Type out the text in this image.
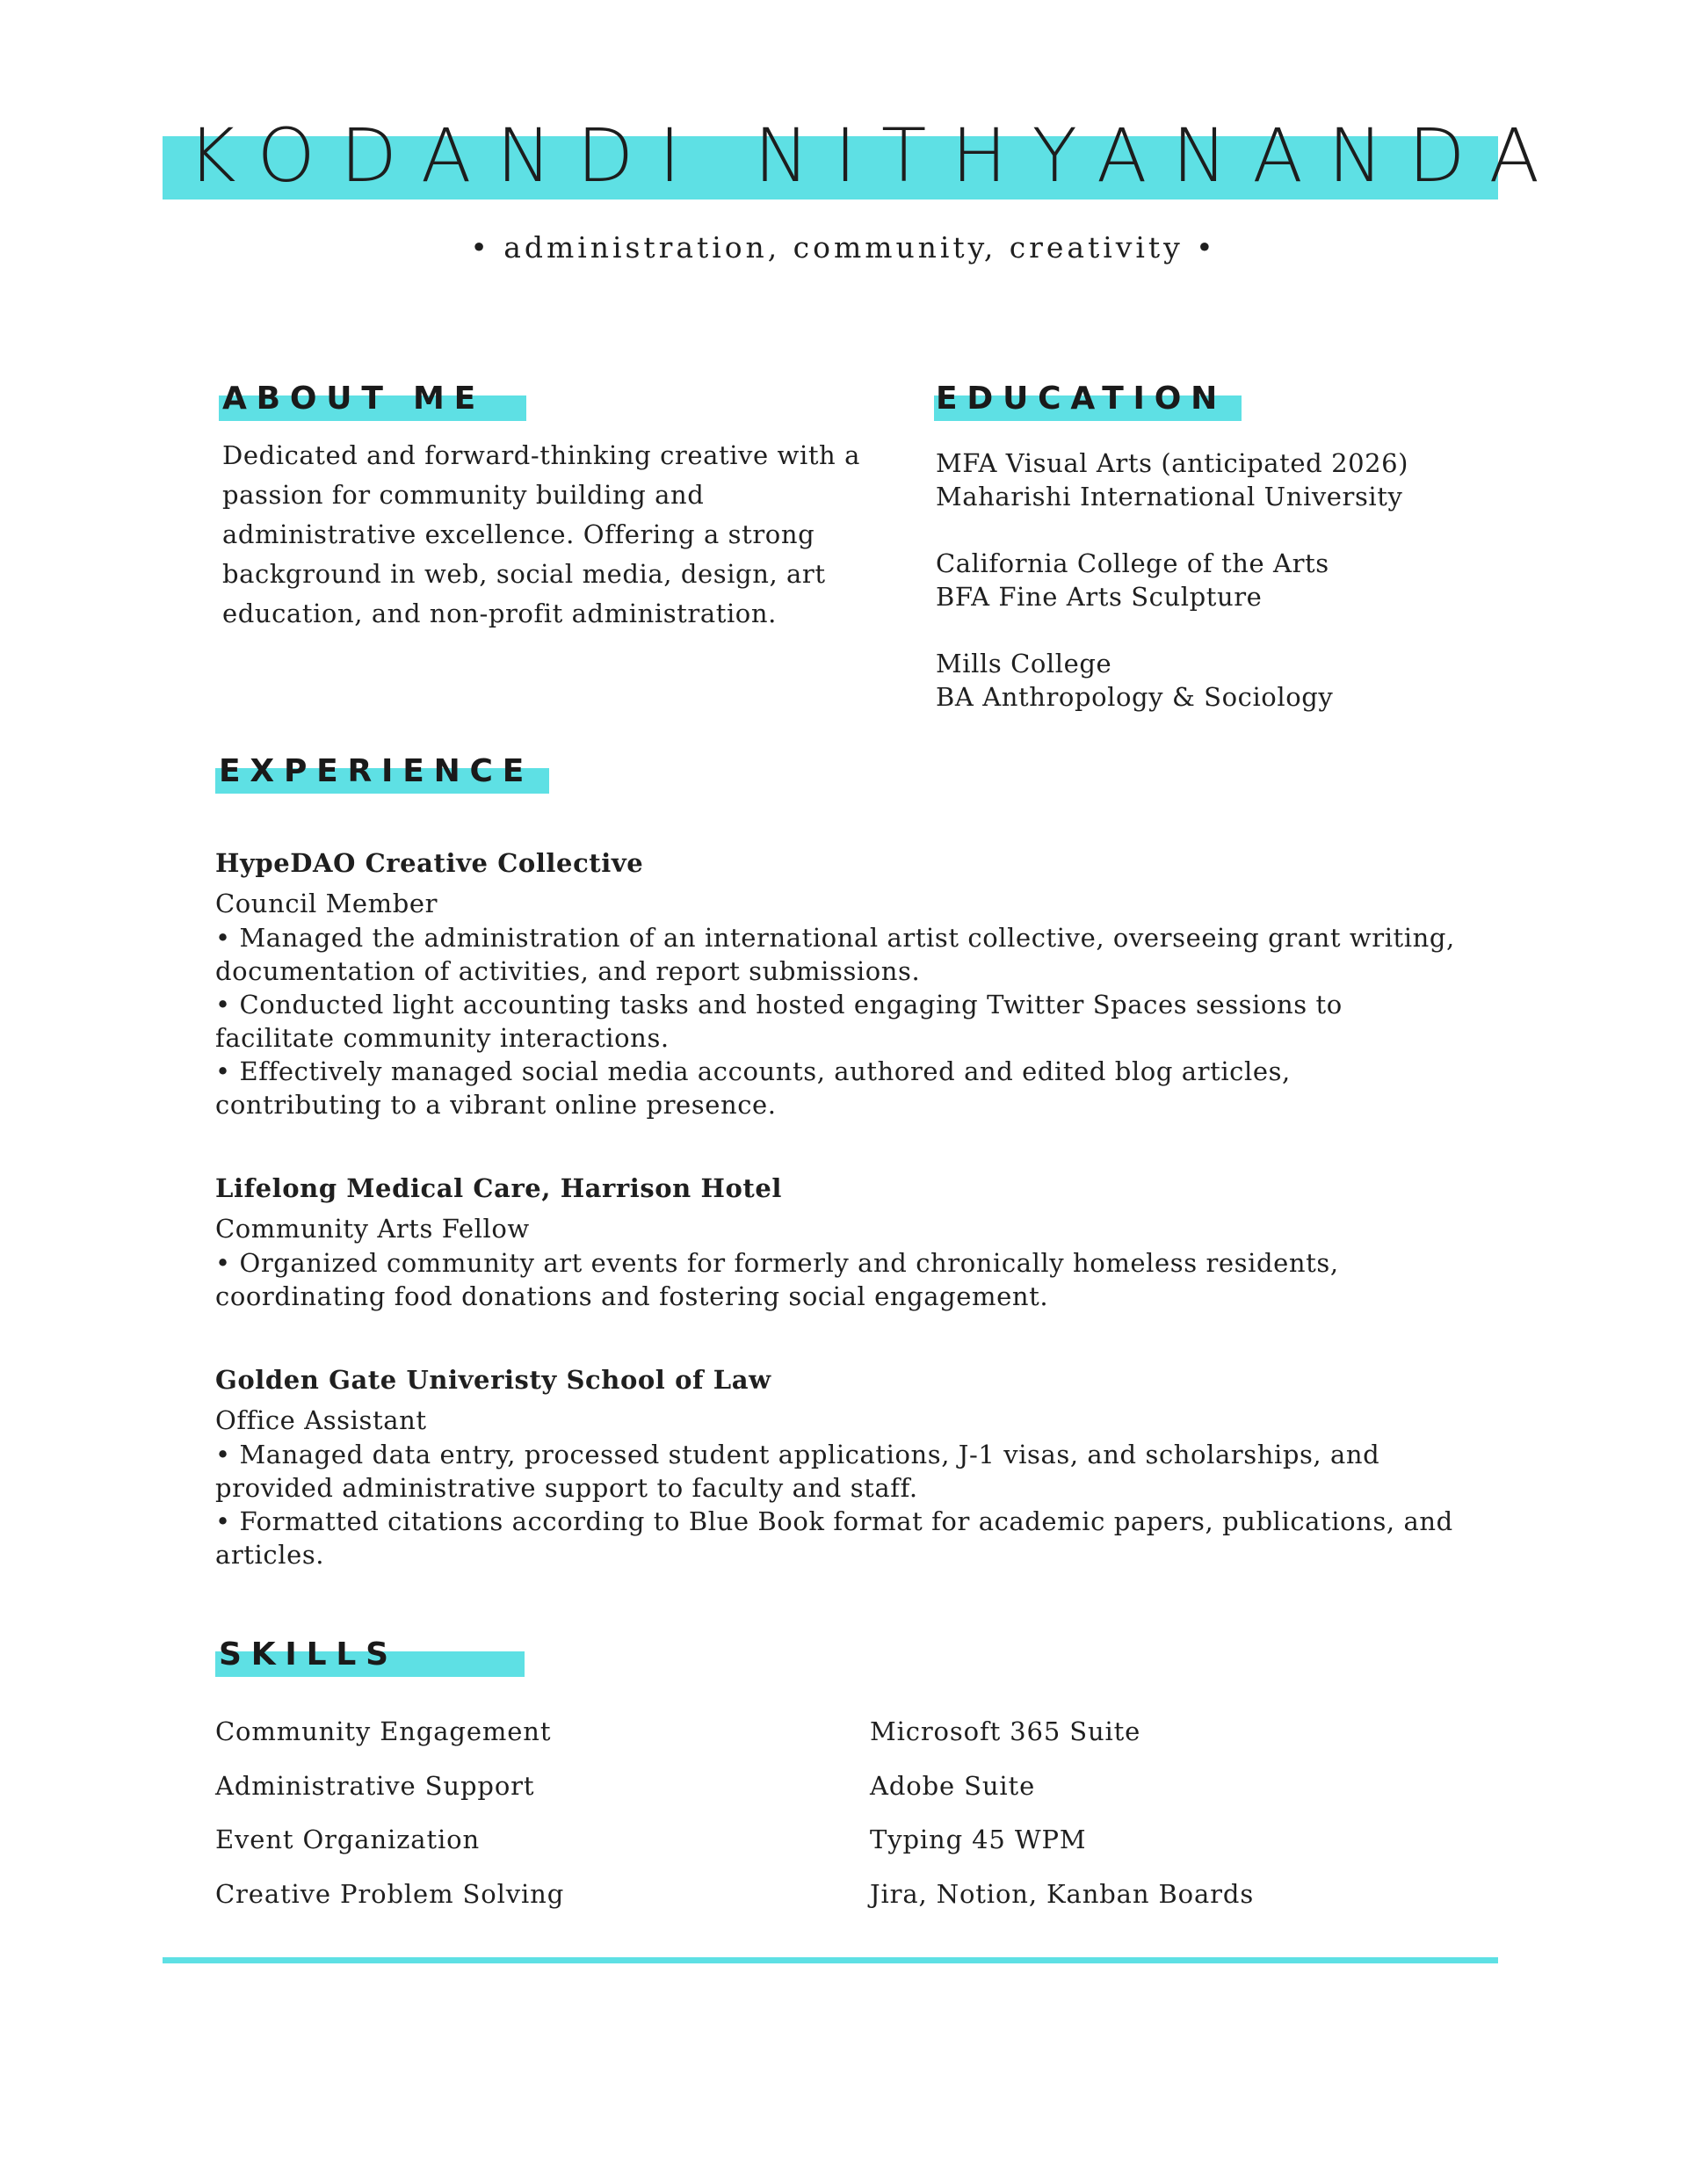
KODANDI NITHYANANDA
• administration, community, creativity •
ABOUT ME
Dedicated and forward-thinking creative with a passion for community building and administrative excellence. Offering a strong background in web, social media, design, art education, and non-profit administration.
EDUCATION
MFA Visual Arts (anticipated 2026)
Maharishi International University
California College of the Arts
BFA Fine Arts Sculpture
Mills College
BA Anthropology & Sociology
EXPERIENCE
HypeDAO Creative Collective
Council Member
• Managed the administration of an international artist collective, overseeing grant writing, documentation of activities, and report submissions.
• Conducted light accounting tasks and hosted engaging Twitter Spaces sessions to facilitate community interactions.
• Effectively managed social media accounts, authored and edited blog articles, contributing to a vibrant online presence.
Lifelong Medical Care, Harrison Hotel
Community Arts Fellow
• Organized community art events for formerly and chronically homeless residents, coordinating food donations and fostering social engagement.
Golden Gate Univeristy School of Law
Office Assistant
• Managed data entry, processed student applications, J-1 visas, and scholarships, and provided administrative support to faculty and staff.
• Formatted citations according to Blue Book format for academic papers, publications, and articles.
SKILLS
Community Engagement
Administrative Support
Event Organization
Creative Problem Solving
Microsoft 365 Suite
Adobe Suite
Typing 45 WPM
Jira, Notion, Kanban Boards
